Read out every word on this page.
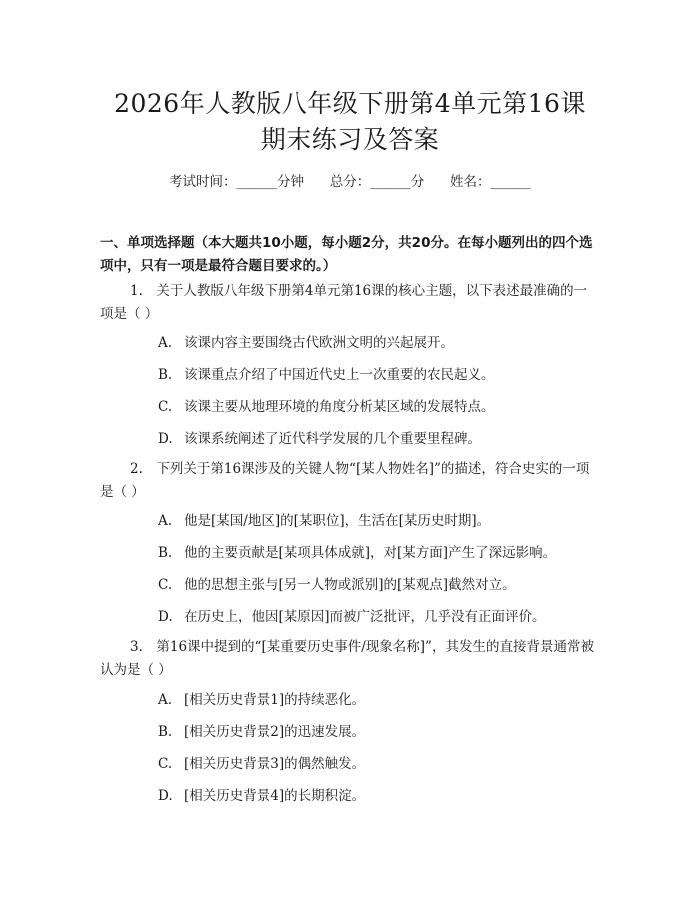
2026年人教版八年级下册第4单元第16课
期末练习及答案
考试时间：______分钟      总分：______分      姓名：______
一、单项选择题（本大题共10小题，每小题2分，共20分。在每小题列出的四个选项中，只有一项是最符合题目要求的。）
1.　关于人教版八年级下册第4单元第16课的核心主题，以下表述最准确的一项是（ ）
A. 该课内容主要围绕古代欧洲文明的兴起展开。
B. 该课重点介绍了中国近代史上一次重要的农民起义。
C. 该课主要从地理环境的角度分析某区域的发展特点。
D. 该课系统阐述了近代科学发展的几个重要里程碑。
2.　下列关于第16课涉及的关键人物“[某人物姓名]”的描述，符合史实的一项是（ ）
A. 他是[某国/地区]的[某职位]，生活在[某历史时期]。
B. 他的主要贡献是[某项具体成就]，对[某方面]产生了深远影响。
C. 他的思想主张与[另一人物或派别]的[某观点]截然对立。
D. 在历史上，他因[某原因]而被广泛批评，几乎没有正面评价。
3.　第16课中提到的“[某重要历史事件/现象名称]”，其发生的直接背景通常被认为是（ ）
A. [相关历史背景1]的持续恶化。
B. [相关历史背景2]的迅速发展。
C. [相关历史背景3]的偶然触发。
D. [相关历史背景4]的长期积淀。
